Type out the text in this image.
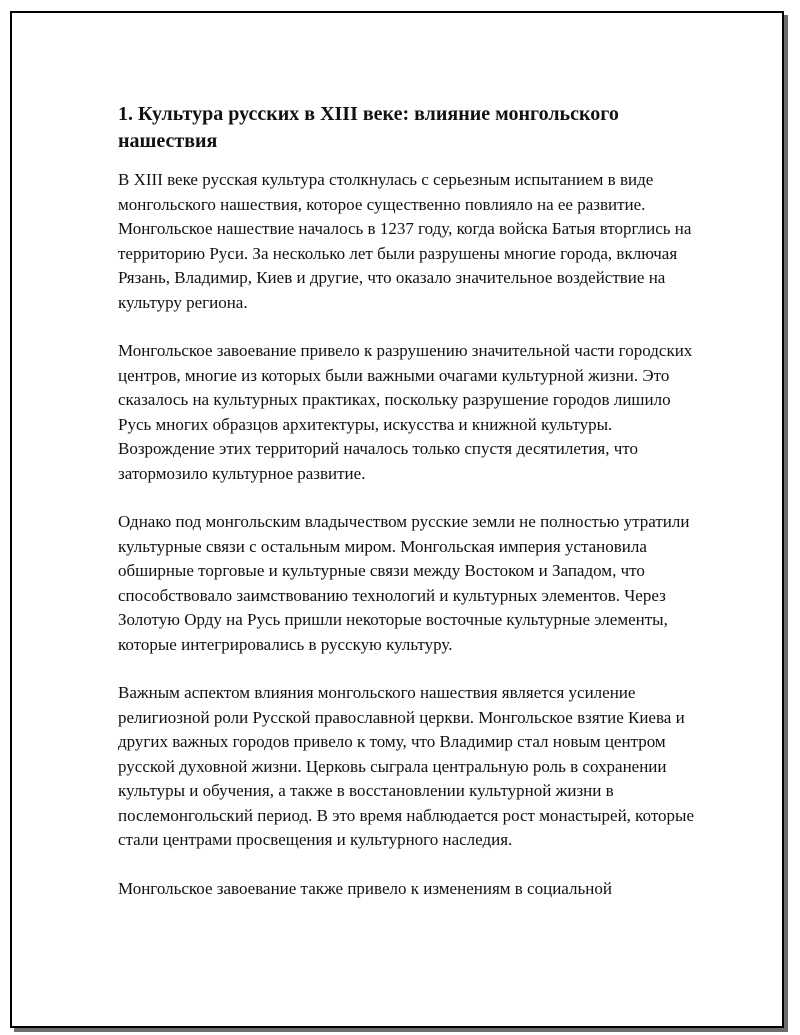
1. Культура русских в XIII веке: влияние монгольского нашествия

В XIII веке русская культура столкнулась с серьезным испытанием в виде монгольского нашествия, которое существенно повлияло на ее развитие. Монгольское нашествие началось в 1237 году, когда войска Батыя вторглись на территорию Руси. За несколько лет были разрушены многие города, включая Рязань, Владимир, Киев и другие, что оказало значительное воздействие на культуру региона.

Монгольское завоевание привело к разрушению значительной части городских центров, многие из которых были важными очагами культурной жизни. Это сказалось на культурных практиках, поскольку разрушение городов лишило Русь многих образцов архитектуры, искусства и книжной культуры. Возрождение этих территорий началось только спустя десятилетия, что затормозило культурное развитие.

Однако под монгольским владычеством русские земли не полностью утратили культурные связи с остальным миром. Монгольская империя установила обширные торговые и культурные связи между Востоком и Западом, что способствовало заимствованию технологий и культурных элементов. Через Золотую Орду на Русь пришли некоторые восточные культурные элементы, которые интегрировались в русскую культуру.

Важным аспектом влияния монгольского нашествия является усиление религиозной роли Русской православной церкви. Монгольское взятие Киева и других важных городов привело к тому, что Владимир стал новым центром русской духовной жизни. Церковь сыграла центральную роль в сохранении культуры и обучения, а также в восстановлении культурной жизни в послемонгольский период. В это время наблюдается рост монастырей, которые стали центрами просвещения и культурного наследия.

Монгольское завоевание также привело к изменениям в социальной
